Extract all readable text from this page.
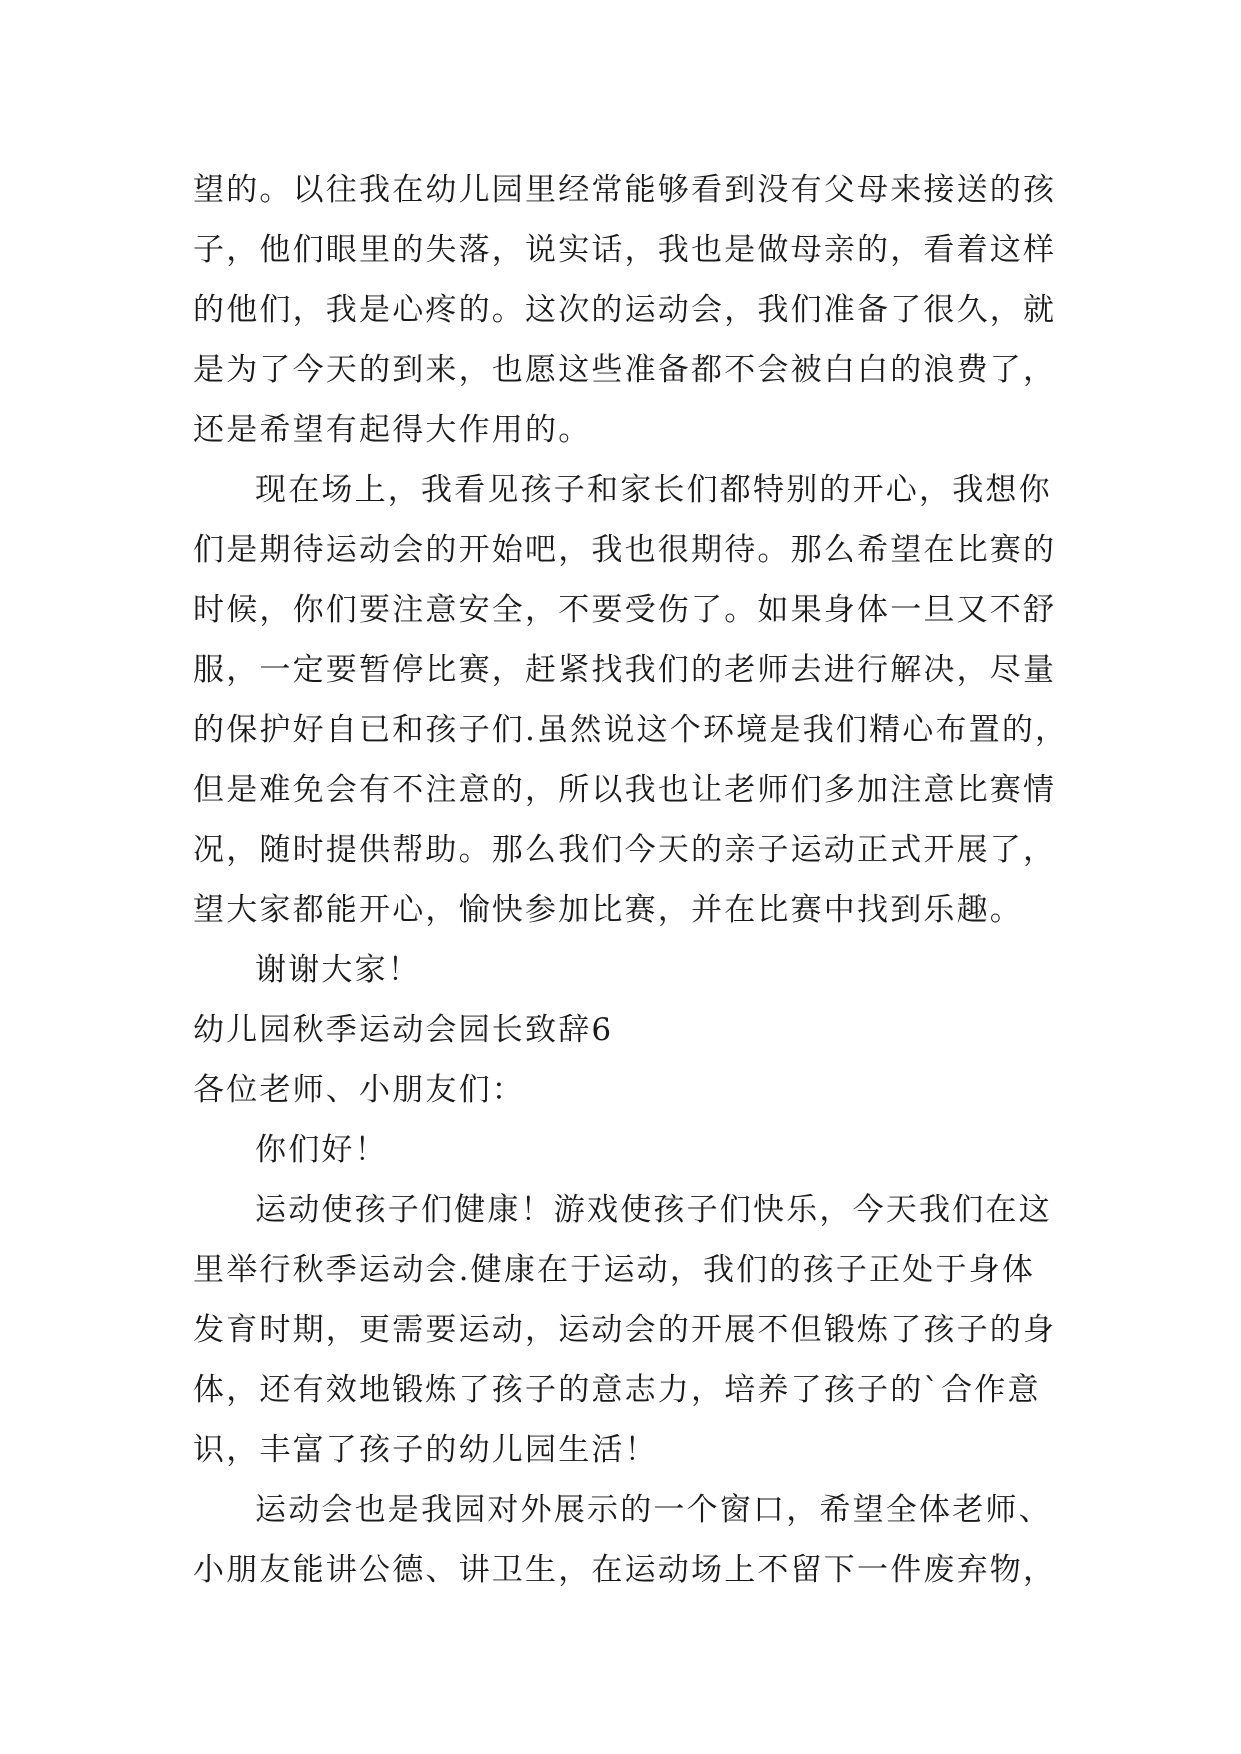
望的。以往我在幼儿园里经常能够看到没有父母来接送的孩
子，他们眼里的失落，说实话，我也是做母亲的，看着这样
的他们，我是心疼的。这次的运动会，我们准备了很久，就
是为了今天的到来，也愿这些准备都不会被白白的浪费了，
还是希望有起得大作用的。
现在场上，我看见孩子和家长们都特别的开心，我想你
们是期待运动会的开始吧，我也很期待。那么希望在比赛的
时候，你们要注意安全，不要受伤了。如果身体一旦又不舒
服，一定要暂停比赛，赶紧找我们的老师去进行解决，尽量
的保护好自已和孩子们.虽然说这个环境是我们精心布置的，
但是难免会有不注意的，所以我也让老师们多加注意比赛情
况，随时提供帮助。那么我们今天的亲子运动正式开展了，
望大家都能开心，愉快参加比赛，并在比赛中找到乐趣。
谢谢大家！
幼儿园秋季运动会园长致辞6
各位老师、小朋友们：
你们好！
运动使孩子们健康！游戏使孩子们快乐，今天我们在这
里举行秋季运动会.健康在于运动，我们的孩子正处于身体
发育时期，更需要运动，运动会的开展不但锻炼了孩子的身
体，还有效地锻炼了孩子的意志力，培养了孩子的`合作意
识，丰富了孩子的幼儿园生活！
运动会也是我园对外展示的一个窗口，希望全体老师、
小朋友能讲公德、讲卫生，在运动场上不留下一件废弃物，
